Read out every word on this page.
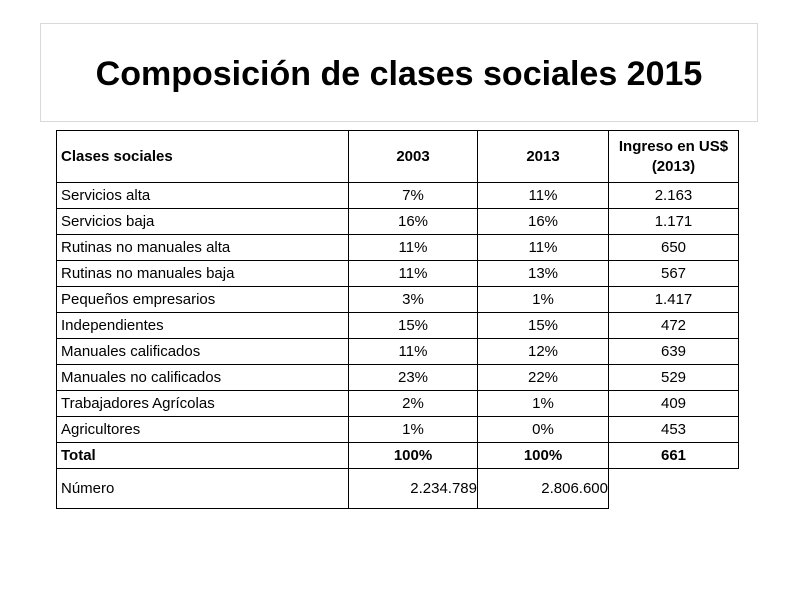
Composición de clases sociales 2015
Clases sociales	2003	2013	Ingreso en US$ (2013)
Servicios alta	7%	11%	2.163
Servicios baja	16%	16%	1.171
Rutinas no manuales alta	11%	11%	650
Rutinas no manuales baja	11%	13%	567
Pequeños empresarios	3%	1%	1.417
Independientes	15%	15%	472
Manuales calificados	11%	12%	639
Manuales no calificados	23%	22%	529
Trabajadores Agrícolas	2%	1%	409
Agricultores	1%	0%	453
Total	100%	100%	661
Número	2.234.789	2.806.600	
